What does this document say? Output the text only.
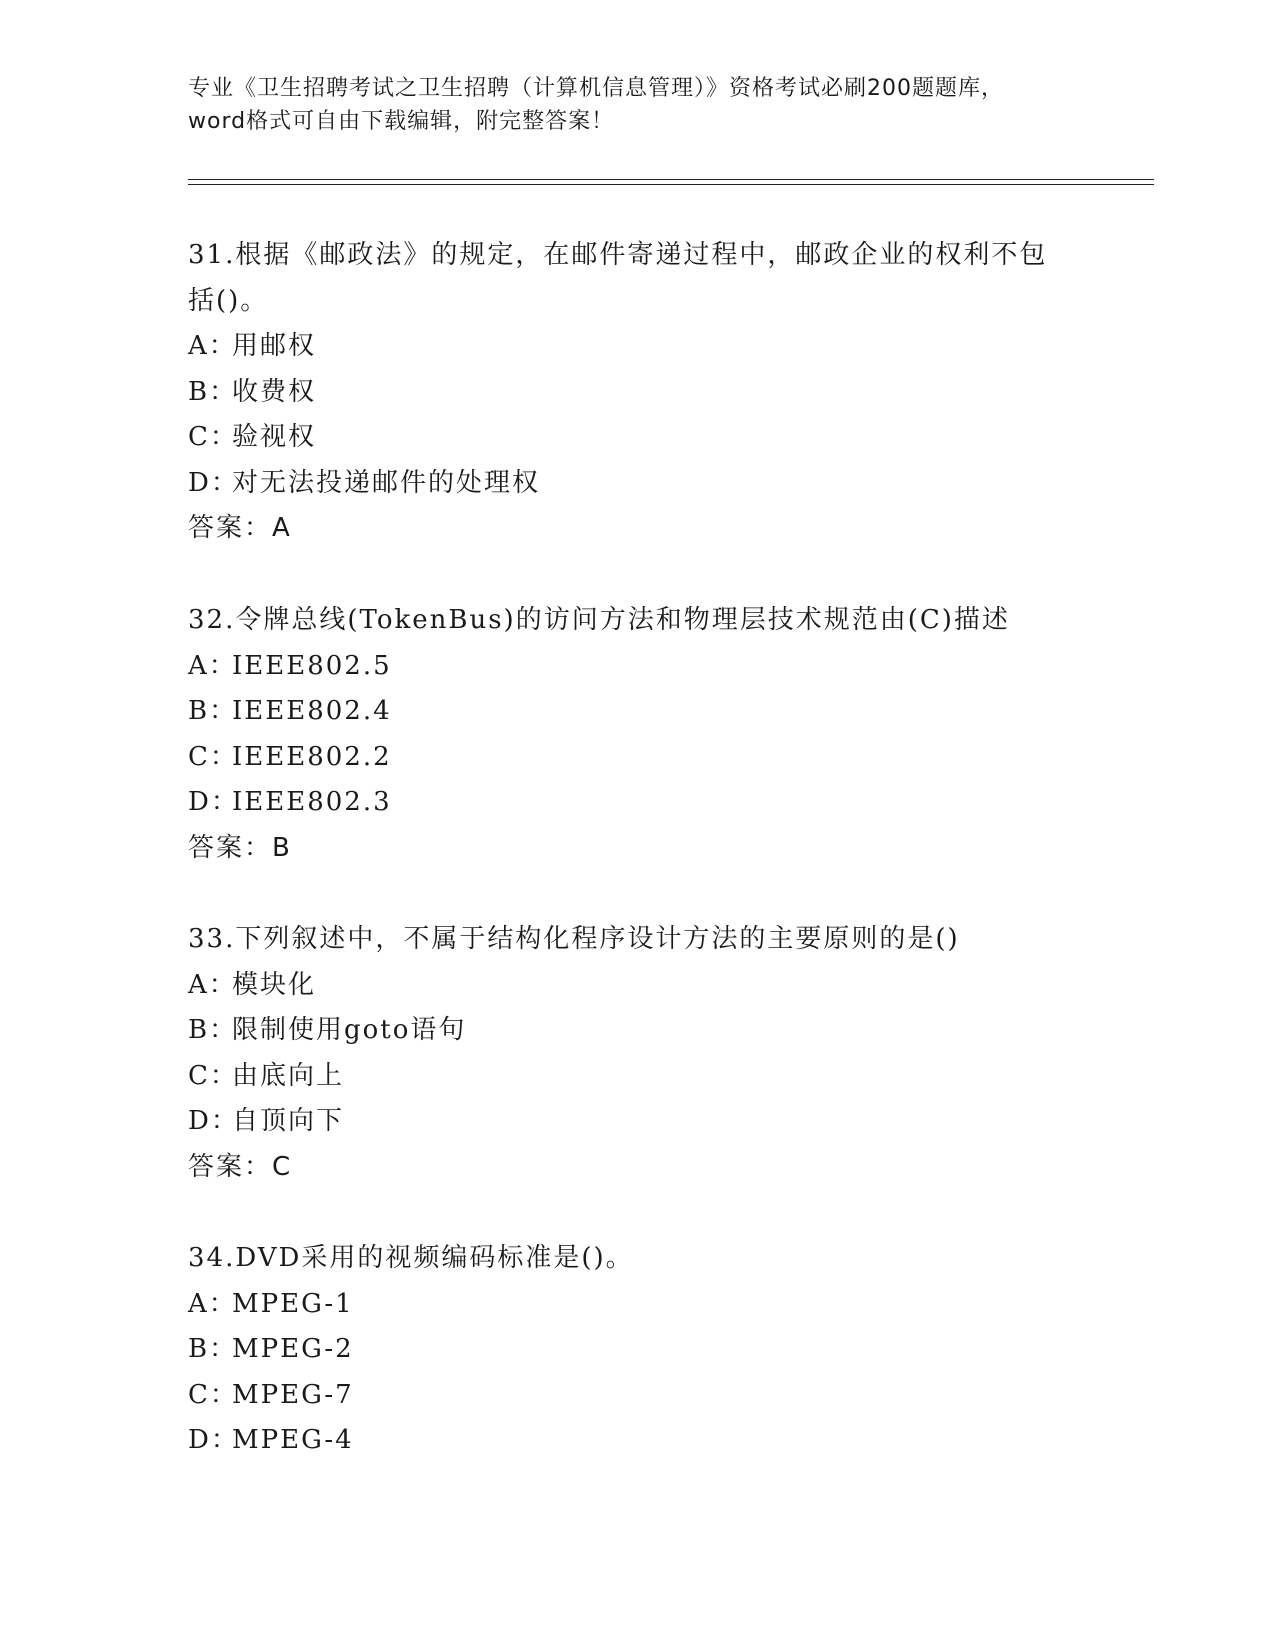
专业《卫生招聘考试之卫生招聘（计算机信息管理）》资格考试必刷200题题库，
word格式可自由下载编辑，附完整答案！
31.根据《邮政法》的规定，在邮件寄递过程中，邮政企业的权利不包
括()。
A：用邮权
B：收费权
C：验视权
D：对无法投递邮件的处理权
答案：A
32.令牌总线(TokenBus)的访问方法和物理层技术规范由(C)描述
A：IEEE802.5
B：IEEE802.4
C：IEEE802.2
D：IEEE802.3
答案：B
33.下列叙述中，不属于结构化程序设计方法的主要原则的是()
A：模块化
B：限制使用goto语句
C：由底向上
D：自顶向下
答案：C
34.DVD采用的视频编码标准是()。
A：MPEG-1
B：MPEG-2
C：MPEG-7
D：MPEG-4
